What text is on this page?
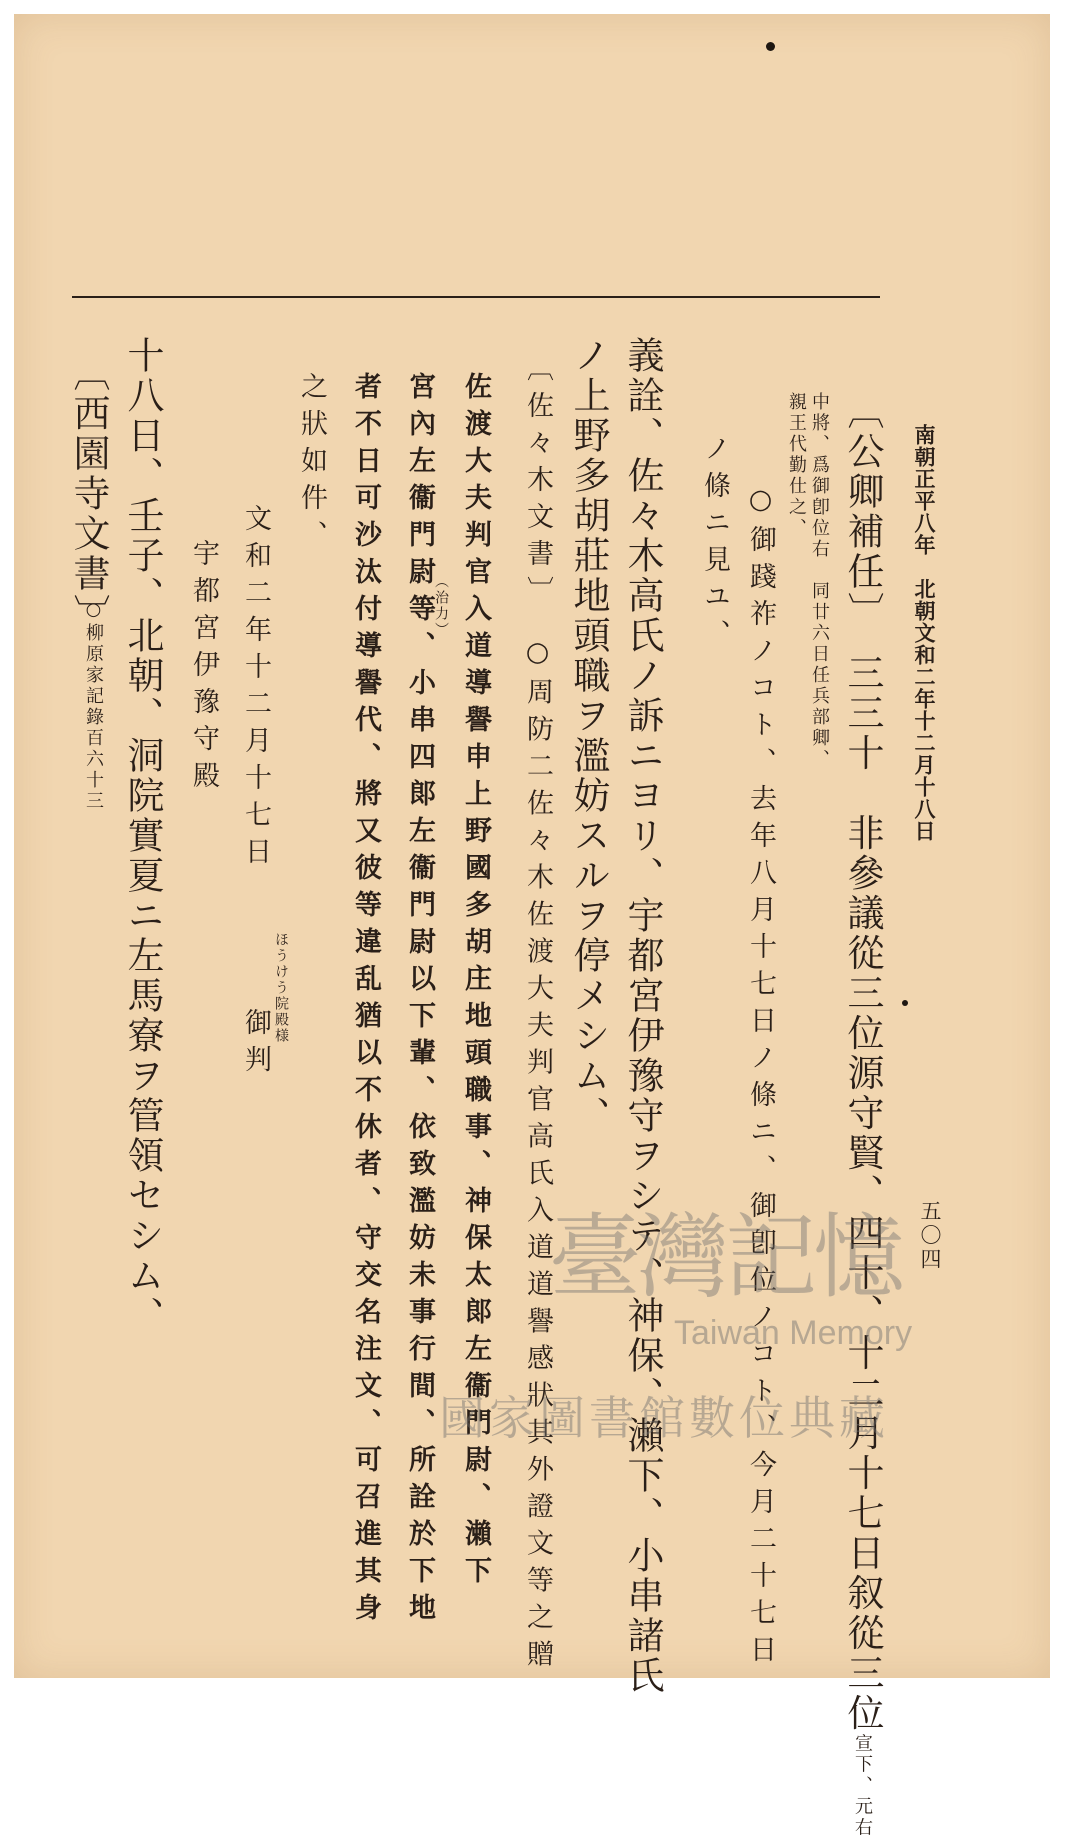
南朝正平八年　北朝文和二年十二月十八日
五〇四
〔公卿補任〕　三三十　非參議從三位源守賢、四十、十二月十七日叙從三位宣下、元右
中將、爲御卽位右　同廿六日任兵部卿、
親王代勤仕之、
○御踐祚ノコト、去年八月十七日ノ條ニ、御卽位ノコト、今月二十七日
ノ條ニ見ユ、
義詮、佐々木高氏ノ訴ニヨリ、宇都宮伊豫守ヲシテ、神保、瀨下、小串諸氏
ノ上野多胡莊地頭職ヲ濫妨スルヲ停メシム、
〔佐々木文書〕　○周防二佐々木佐渡大夫判官高氏入道道譽感狀其外證文等之贈
佐渡大夫判官入道導譽申上野國多胡庄地頭職事、神保太郞左衞門尉、瀨下
宮內左衞門尉等、小串四郞左衞門尉以下輩、依致濫妨未事行間、所詮於下地
（治力）
者不日可沙汰付導譽代、將又彼等違乱猶以不休者、守交名注文、可召進其身
之狀如件、
文和二年十二月十七日
ほうけう院殿様
御判
宇都宮伊豫守殿
十八日、壬子、北朝、洞院實夏ニ左馬寮ヲ管領セシム、
〔西園寺文書〕
○柳原家記錄百六十三
臺灣記憶
Taiwan Memory
國家圖書館數位典藏
